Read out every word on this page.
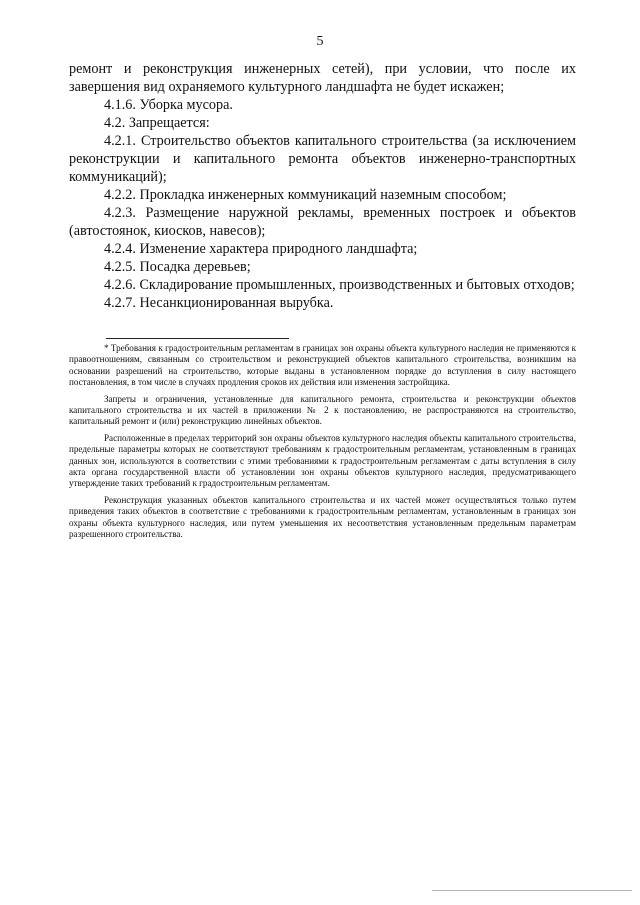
5

ремонт и реконструкция инженерных сетей), при условии, что после их завершения вид охраняемого культурного ландшафта не будет искажен;

4.1.6. Уборка мусора.

4.2. Запрещается:

4.2.1. Строительство объектов капитального строительства (за исключением реконструкции и капитального ремонта объектов инженерно-транспортных коммуникаций);

4.2.2. Прокладка инженерных коммуникаций наземным способом;

4.2.3. Размещение наружной рекламы, временных построек и объектов (автостоянок, киосков, навесов);

4.2.4. Изменение характера природного ландшафта;

4.2.5. Посадка деревьев;

4.2.6. Складирование промышленных, производственных и бытовых отходов;

4.2.7. Несанкционированная вырубка.

* Требования к градостроительным регламентам в границах зон охраны объекта культурного наследия не применяются к правоотношениям, связанным со строительством и реконструкцией объектов капитального строительства, возникшим на основании разрешений на строительство, которые выданы в установленном порядке до вступления в силу настоящего постановления, в том числе в случаях продления сроков их действия или изменения застройщика.

Запреты и ограничения, установленные для капитального ремонта, строительства и реконструкции объектов капитального строительства и их частей в приложении № 2 к постановлению, не распространяются на строительство, капитальный ремонт и (или) реконструкцию линейных объектов.

Расположенные в пределах территорий зон охраны объектов культурного наследия объекты капитального строительства, предельные параметры которых не соответствуют требованиям к градостроительным регламентам, установленным в границах данных зон, используются в соответствии с этими требованиями к градостроительным регламентам с даты вступления в силу акта органа государственной власти об установлении зон охраны объектов культурного наследия, предусматривающего утверждение таких требований к градостроительным регламентам.

Реконструкция указанных объектов капитального строительства и их частей может осуществляться только путем приведения таких объектов в соответствие с требованиями к градостроительным регламентам, установленным в границах зон охраны объекта культурного наследия, или путем уменьшения их несоответствия установленным предельным параметрам разрешенного строительства.
